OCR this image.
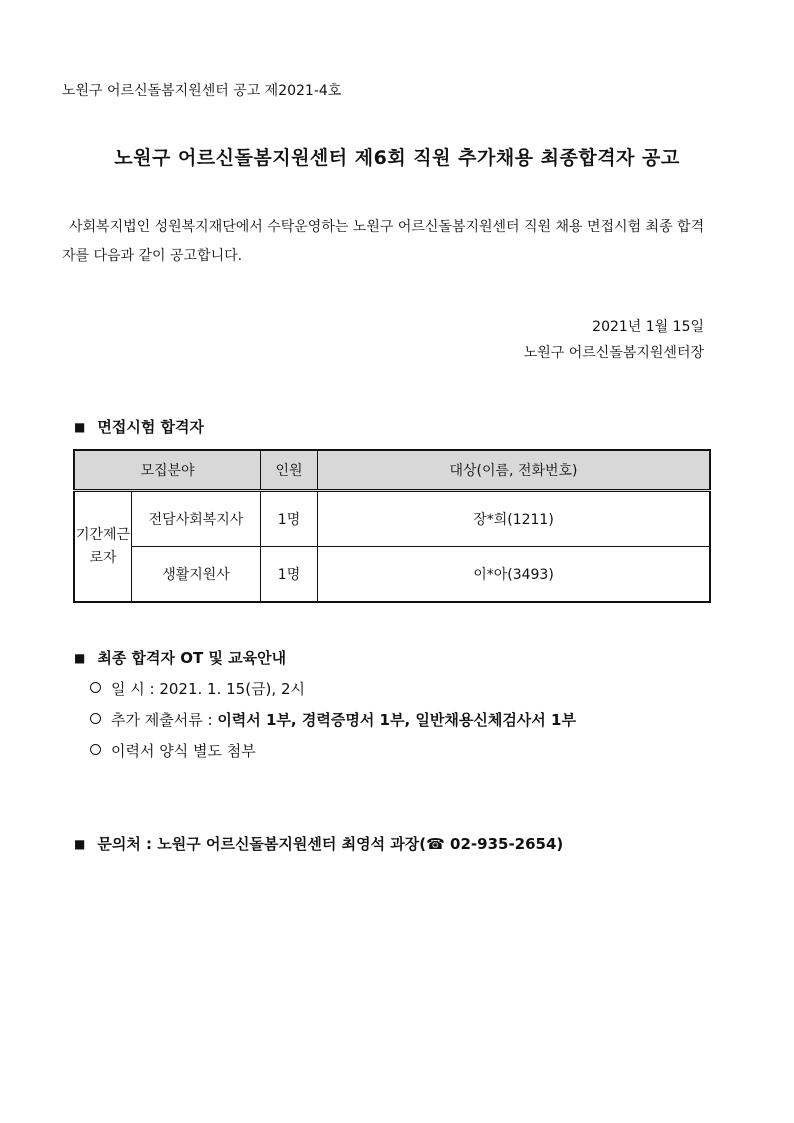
노원구 어르신돌봄지원센터 공고 제2021-4호
노원구 어르신돌봄지원센터 제6회 직원 추가채용 최종합격자 공고
사회복지법인 성원복지재단에서 수탁운영하는 노원구 어르신돌봄지원센터 직원 채용 면접시험 최종 합격자를 다음과 같이 공고합니다.
2021년 1월 15일
노원구 어르신돌봄지원센터장
■ 면접시험 합격자
모집분야		인원	대상(이름, 전화번호)
기간제근로자	전담사회복지사	1명	장*희(1211)
	생활지원사	1명	이*아(3493)
■ 최종 합격자 OT 및 교육안내
일 시 : 2021. 1. 15(금), 2시
추가 제출서류 : 이력서 1부, 경력증명서 1부, 일반채용신체검사서 1부
이력서 양식 별도 첨부
■ 문의처 : 노원구 어르신돌봄지원센터 최영석 과장(☎ 02-935-2654)
